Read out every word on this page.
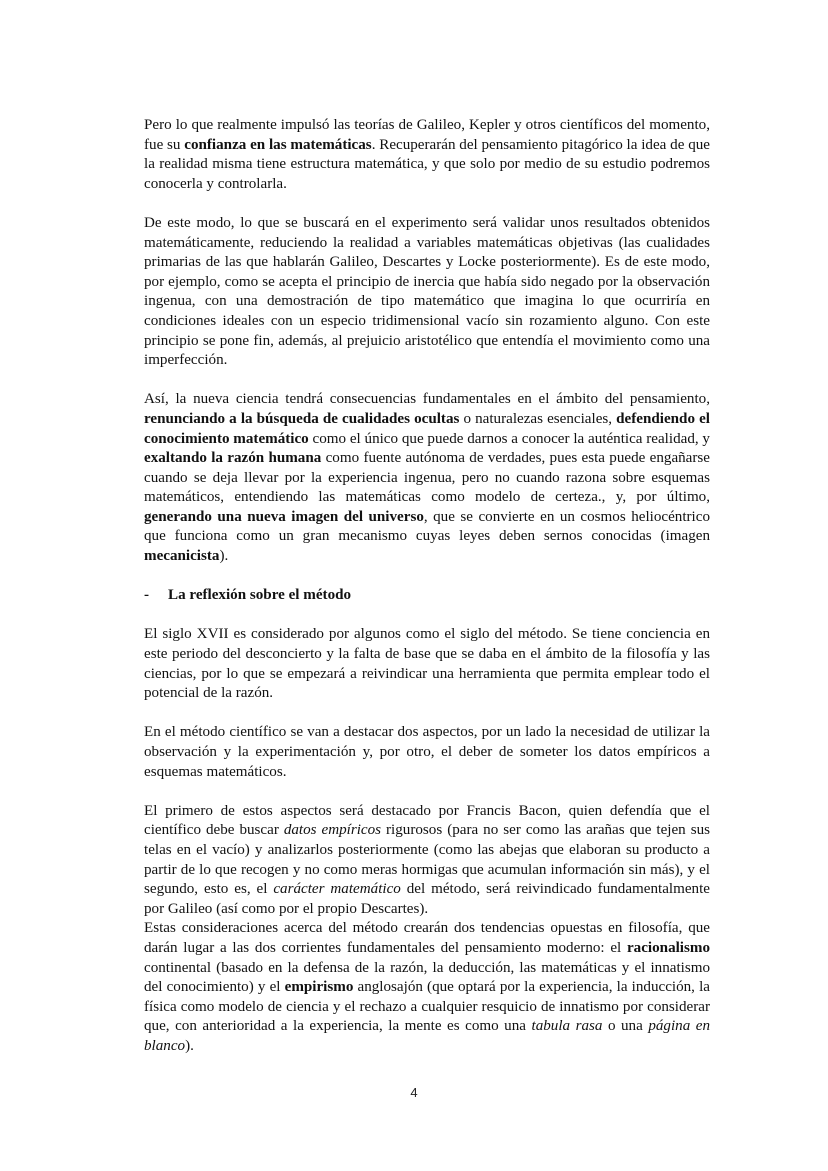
Pero lo que realmente impulsó las teorías de Galileo, Kepler y otros científicos del momento, fue su confianza en las matemáticas. Recuperarán del pensamiento pitagórico la idea de que la realidad misma tiene estructura matemática, y que solo por medio de su estudio podremos conocerla y controlarla.

De este modo, lo que se buscará en el experimento será validar unos resultados obtenidos matemáticamente, reduciendo la realidad a variables matemáticas objetivas (las cualidades primarias de las que hablarán Galileo, Descartes y Locke posteriormente). Es de este modo, por ejemplo, como se acepta el principio de inercia que había sido negado por la observación ingenua, con una demostración de tipo matemático que imagina lo que ocurriría en condiciones ideales con un especio tridimensional vacío sin rozamiento alguno. Con este principio se pone fin, además, al prejuicio aristotélico que entendía el movimiento como una imperfección.

Así, la nueva ciencia tendrá consecuencias fundamentales en el ámbito del pensamiento, renunciando a la búsqueda de cualidades ocultas o naturalezas esenciales, defendiendo el conocimiento matemático como el único que puede darnos a conocer la auténtica realidad, y exaltando la razón humana como fuente autónoma de verdades, pues esta puede engañarse cuando se deja llevar por la experiencia ingenua, pero no cuando razona sobre esquemas matemáticos, entendiendo las matemáticas como modelo de certeza., y, por último, generando una nueva imagen del universo, que se convierte en un cosmos heliocéntrico que funciona como un gran mecanismo cuyas leyes deben sernos conocidas (imagen mecanicista).

- La reflexión sobre el método

El siglo XVII es considerado por algunos como el siglo del método. Se tiene conciencia en este periodo del desconcierto y la falta de base que se daba en el ámbito de la filosofía y las ciencias, por lo que se empezará a reivindicar una herramienta que permita emplear todo el potencial de la razón.

En el método científico se van a destacar dos aspectos, por un lado la necesidad de utilizar la observación y la experimentación y, por otro, el deber de someter los datos empíricos a esquemas matemáticos.

El primero de estos aspectos será destacado por Francis Bacon, quien defendía que el científico debe buscar datos empíricos rigurosos (para no ser como las arañas que tejen sus telas en el vacío) y analizarlos posteriormente (como las abejas que elaboran su producto a partir de lo que recogen y no como meras hormigas que acumulan información sin más), y el segundo, esto es, el carácter matemático del método, será reivindicado fundamentalmente por Galileo (así como por el propio Descartes).

Estas consideraciones acerca del método crearán dos tendencias opuestas en filosofía, que darán lugar a las dos corrientes fundamentales del pensamiento moderno: el racionalismo continental (basado en la defensa de la razón, la deducción, las matemáticas y el innatismo del conocimiento) y el empirismo anglosajón (que optará por la experiencia, la inducción, la física como modelo de ciencia y el rechazo a cualquier resquicio de innatismo por considerar que, con anterioridad a la experiencia, la mente es como una tabula rasa o una página en blanco).

4
